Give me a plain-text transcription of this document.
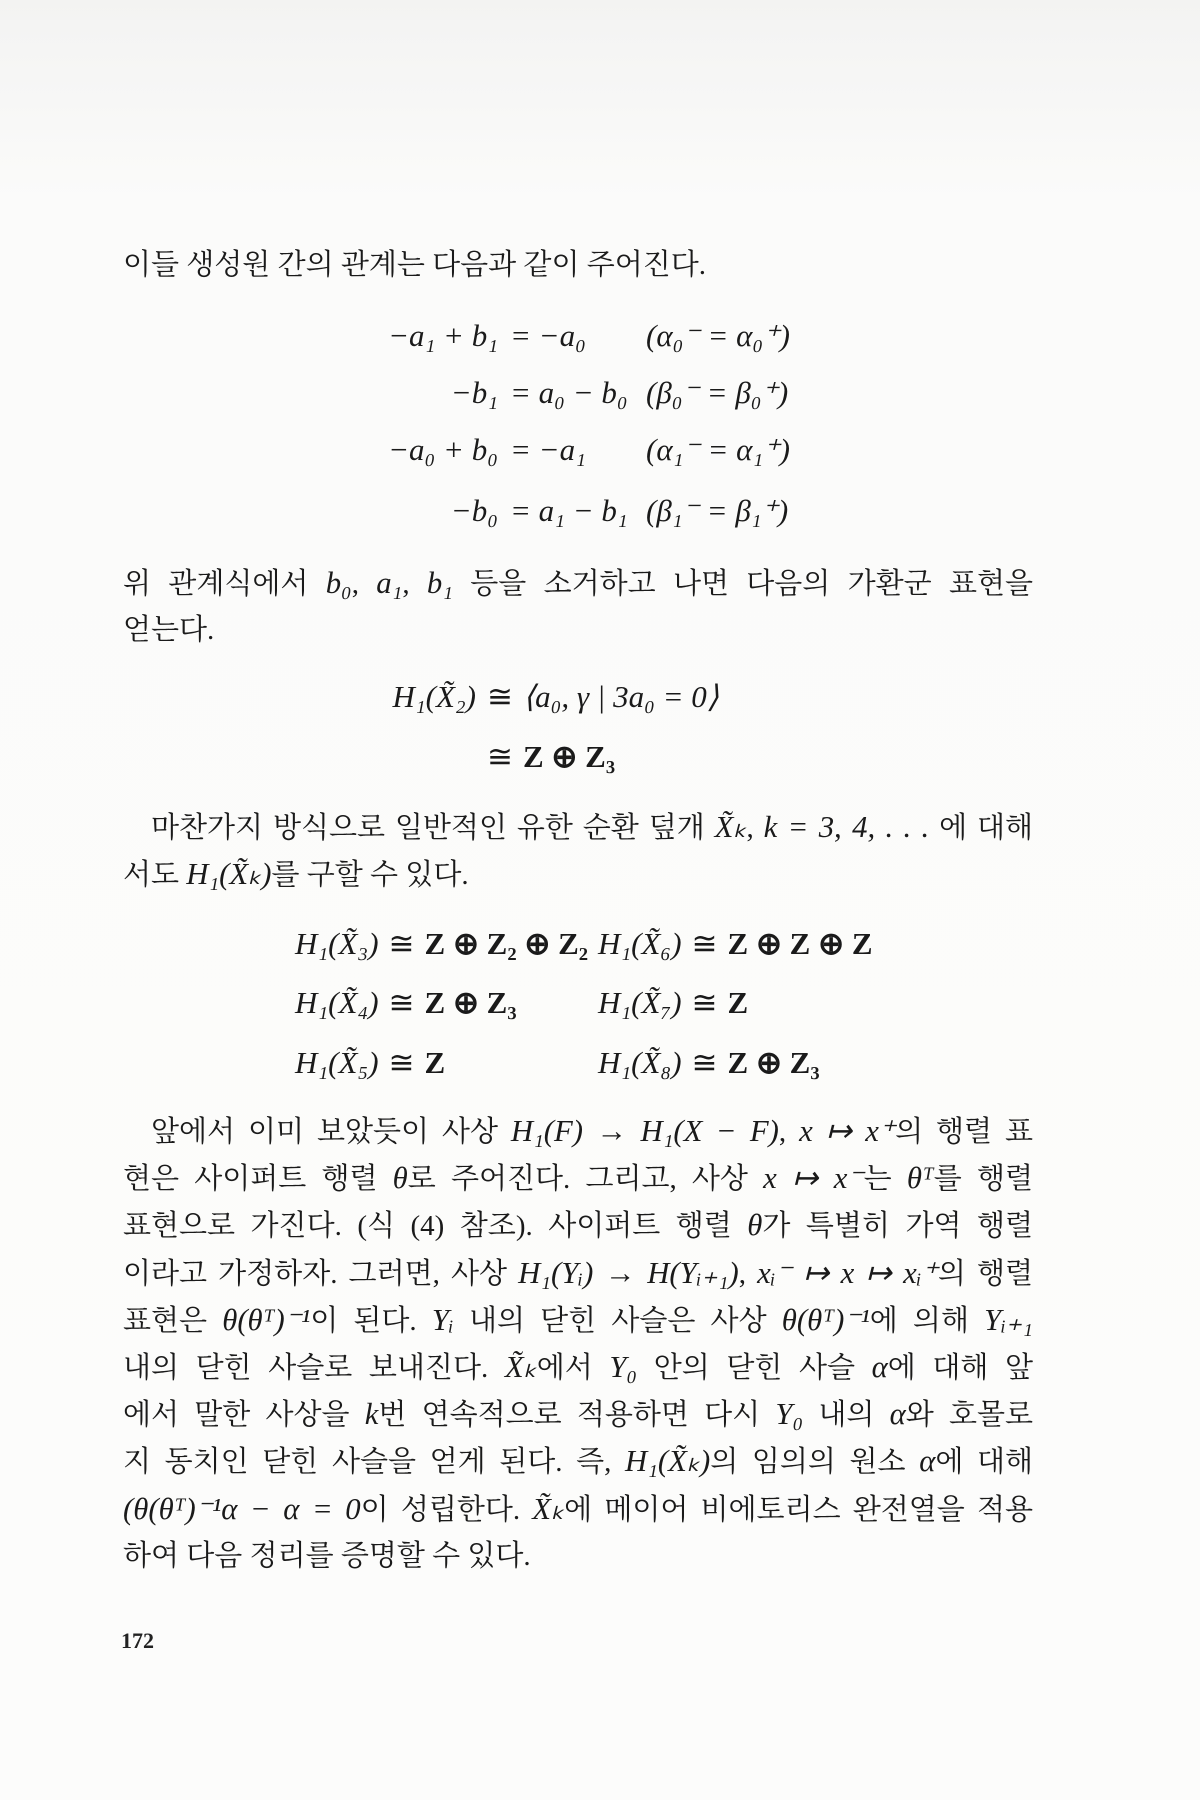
이들 생성원 간의 관계는 다음과 같이 주어진다.
−a₁ + b₁ = −a₀ (α₀⁻ = α₀⁺)
−b₁ = a₀ − b₀ (β₀⁻ = β₀⁺)
−a₀ + b₀ = −a₁ (α₁⁻ = α₁⁺)
−b₀ = a₁ − b₁ (β₁⁻ = β₁⁺)
위 관계식에서 b₀, a₁, b₁ 등을 소거하고 나면 다음의 가환군 표현을
얻는다.
H₁(X̃₂) ≅ ⟨a₀, γ | 3a₀ = 0⟩
≅ Z ⊕ Z₃
마찬가지 방식으로 일반적인 유한 순환 덮개 X̃ₖ, k = 3, 4, . . . 에 대해
서도 H₁(X̃ₖ)를 구할 수 있다.
H₁(X̃₃) ≅ Z ⊕ Z₂ ⊕ Z₂
H₁(X̃₄) ≅ Z ⊕ Z₃
H₁(X̃₅) ≅ Z
H₁(X̃₆) ≅ Z ⊕ Z ⊕ Z
H₁(X̃₇) ≅ Z
H₁(X̃₈) ≅ Z ⊕ Z₃
앞에서 이미 보았듯이 사상 H₁(F) → H₁(X − F), x ↦ x⁺의 행렬 표
현은 사이퍼트 행렬 θ로 주어진다. 그리고, 사상 x ↦ x⁻는 θᵀ를 행렬
표현으로 가진다. (식 (4) 참조). 사이퍼트 행렬 θ가 특별히 가역 행렬
이라고 가정하자. 그러면, 사상 H₁(Yᵢ) → H(Yᵢ₊₁), xᵢ⁻ ↦ x ↦ xᵢ⁺의 행렬
표현은 θ(θᵀ)⁻¹이 된다. Yᵢ 내의 닫힌 사슬은 사상 θ(θᵀ)⁻¹에 의해 Yᵢ₊₁
내의 닫힌 사슬로 보내진다. X̃ₖ에서 Y₀ 안의 닫힌 사슬 α에 대해 앞
에서 말한 사상을 k번 연속적으로 적용하면 다시 Y₀ 내의 α와 호몰로
지 동치인 닫힌 사슬을 얻게 된다. 즉, H₁(X̃ₖ)의 임의의 원소 α에 대해
(θ(θᵀ)⁻¹α − α = 0이 성립한다. X̃ₖ에 메이어 비에토리스 완전열을 적용
하여 다음 정리를 증명할 수 있다.
172
